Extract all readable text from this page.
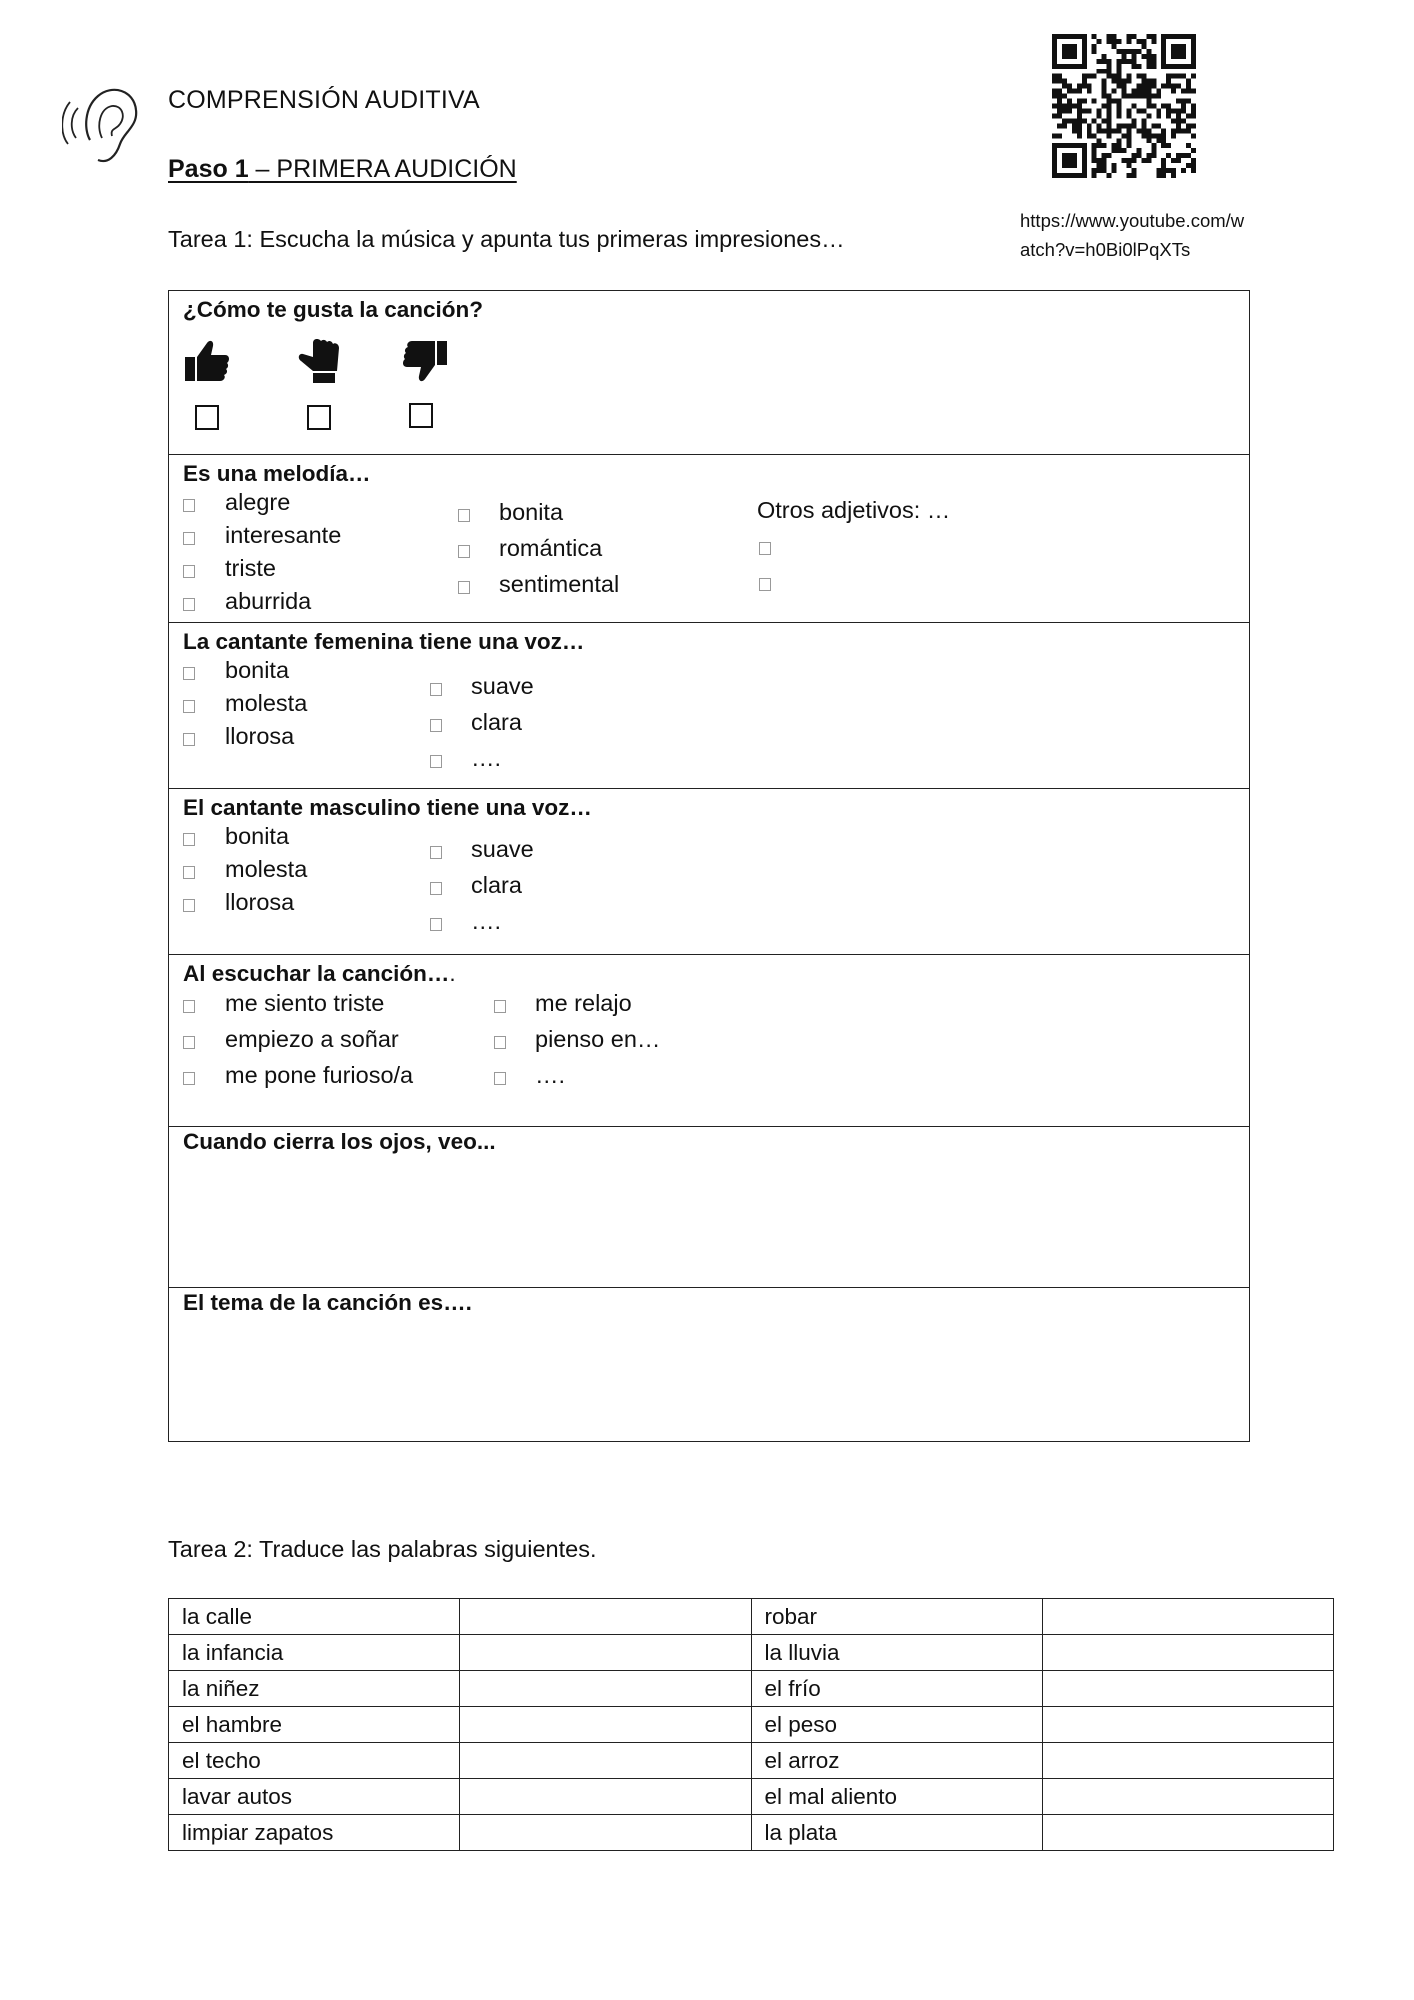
COMPRENSIÓN AUDITIVA
Paso 1 – PRIMERA AUDICIÓN
https://www.youtube.com/watch?v=h0Bi0lPqXTs
Tarea 1: Escucha la música y apunta tus primeras impresiones…
¿Cómo te gusta la canción?
Es una melodía…
alegre
interesante
triste
aburrida
bonita
romántica
sentimental
Otros adjetivos: …
La cantante femenina tiene una voz…
bonita
molesta
llorosa
suave
clara
….
El cantante masculino tiene una voz…
bonita
molesta
llorosa
suave
clara
….
Al escuchar la canción….
me siento triste
empiezo a soñar
me pone furioso/a
me relajo
pienso en…
….
Cuando cierra los ojos, veo...
El tema de la canción es….
Tarea 2: Traduce las palabras siguientes.
la calle		robar	
la infancia		la lluvia	
la niñez		el frío	
el hambre		el peso	
el techo		el arroz	
lavar autos		el mal aliento	
limpiar zapatos		la plata	
